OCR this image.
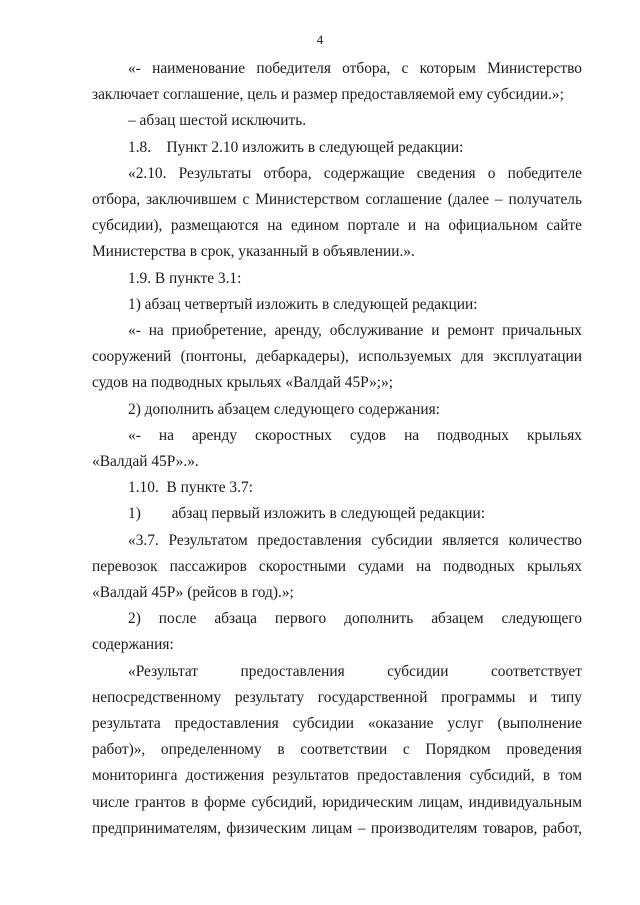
4
«- наименование победителя отбора, с которым Министерство
заключает соглашение, цель и размер предоставляемой ему субсидии.»;
– абзац шестой исключить.
1.8.    Пункт 2.10 изложить в следующей редакции:
«2.10. Результаты отбора, содержащие сведения о победителе
отбора, заключившем с Министерством соглашение (далее – получатель
субсидии), размещаются на едином портале и на официальном сайте
Министерства в срок, указанный в объявлении.».
1.9. В пункте 3.1:
1) абзац четвертый изложить в следующей редакции:
«- на приобретение, аренду, обслуживание и ремонт причальных
сооружений (понтоны, дебаркадеры), используемых для эксплуатации
судов на подводных крыльях «Валдай 45Р»;»;
2) дополнить абзацем следующего содержания:
«- на аренду скоростных судов на подводных крыльях
«Валдай 45Р».».
1.10.  В пункте 3.7:
1)        абзац первый изложить в следующей редакции:
«3.7. Результатом предоставления субсидии является количество
перевозок пассажиров скоростными судами на подводных крыльях
«Валдай 45Р» (рейсов в год).»;
2) после абзаца первого дополнить абзацем следующего
содержания:
«Результат предоставления субсидии соответствует
непосредственному результату государственной программы и типу
результата предоставления субсидии «оказание услуг (выполнение
работ)», определенному в соответствии с Порядком проведения
мониторинга достижения результатов предоставления субсидий, в том
числе грантов в форме субсидий, юридическим лицам, индивидуальным
предпринимателям, физическим лицам – производителям товаров, работ,
